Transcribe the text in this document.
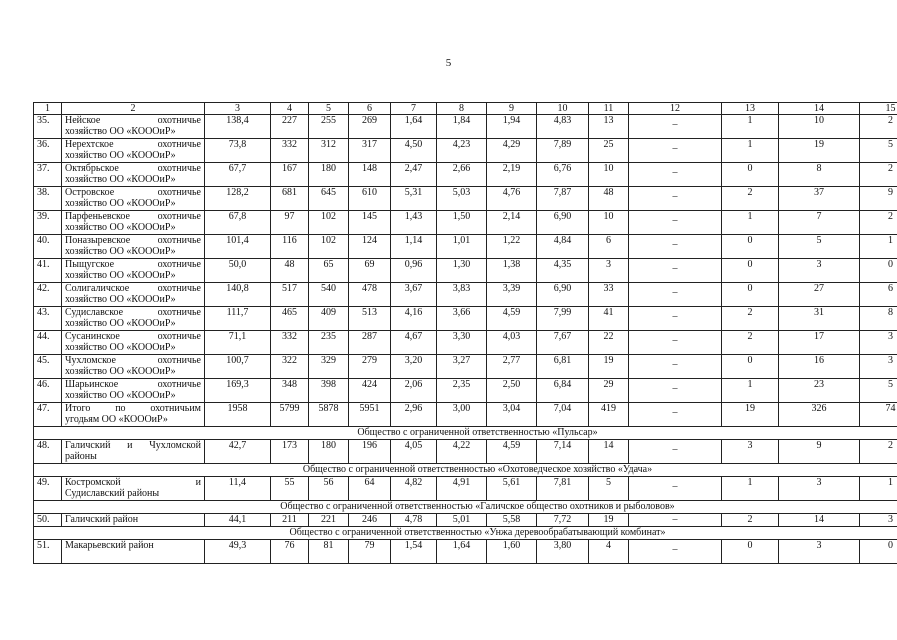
5
1	2	3	4	5	6	7	8	9	10	11	12	13	14	15
35.	Нейское охотничье
хозяйство ОО «КОООиР»	138,4	227	255	269	1,64	1,84	1,94	4,83	13	_	1	10	2
36.	Нерехтское охотничье
хозяйство ОО «КОООиР»	73,8	332	312	317	4,50	4,23	4,29	7,89	25	_	1	19	5
37.	Октябрьское охотничье
хозяйство ОО «КОООиР»	67,7	167	180	148	2,47	2,66	2,19	6,76	10	_	0	8	2
38.	Островское охотничье
хозяйство ОО «КОООиР»	128,2	681	645	610	5,31	5,03	4,76	7,87	48	_	2	37	9
39.	Парфеньевское охотничье
хозяйство ОО «КОООиР»	67,8	97	102	145	1,43	1,50	2,14	6,90	10	_	1	7	2
40.	Поназыревское охотничье
хозяйство ОО «КОООиР»	101,4	116	102	124	1,14	1,01	1,22	4,84	6	_	0	5	1
41.	Пыщугское охотничье
хозяйство ОО «КОООиР»	50,0	48	65	69	0,96	1,30	1,38	4,35	3	_	0	3	0
42.	Солигаличское охотничье
хозяйство ОО «КОООиР»	140,8	517	540	478	3,67	3,83	3,39	6,90	33	_	0	27	6
43.	Судиславское охотничье
хозяйство ОО «КОООиР»	111,7	465	409	513	4,16	3,66	4,59	7,99	41	_	2	31	8
44.	Сусанинское охотничье
хозяйство ОО «КОООиР»	71,1	332	235	287	4,67	3,30	4,03	7,67	22	_	2	17	3
45.	Чухломское охотничье
хозяйство ОО «КОООиР»	100,7	322	329	279	3,20	3,27	2,77	6,81	19	_	0	16	3
46.	Шарьинское охотничье
хозяйство ОО «КОООиР»	169,3	348	398	424	2,06	2,35	2,50	6,84	29	_	1	23	5
47.	Итого по охотничьим
угодьям ОО «КОООиР»	1958	5799	5878	5951	2,96	3,00	3,04	7,04	419	_	19	326	74
Общество с ограниченной ответственностью «Пульсар»														
48.	Галичский и Чухломской
районы	42,7	173	180	196	4,05	4,22	4,59	7,14	14	_	3	9	2
Общество с ограниченной ответственностью «Охотоведческое хозяйство «Удача»														
49.	Костромской и
Судиславский районы	11,4	55	56	64	4,82	4,91	5,61	7,81	5	_	1	3	1
Общество с ограниченной ответственностью «Галичское общество охотников и рыболовов»														
50.	Галичский район	44,1	211	221	246	4,78	5,01	5,58	7,72	19	–	2	14	3
Общество с ограниченной ответственностью «Унжа деревообрабатывающий комбинат»														
51.	Макарьевский район	49,3	76	81	79	1,54	1,64	1,60	3,80	4	_	0	3	0
